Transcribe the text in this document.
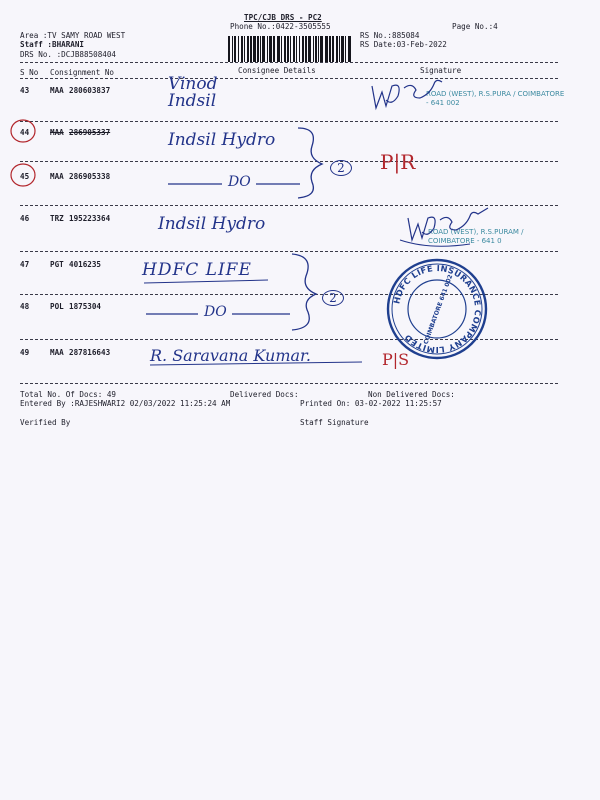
TPC/CJB DRS - PC2
Phone No.:0422-3505555	Page No.:4
Area :TV SAMY ROAD WEST
Staff :BHARANI
DRS No. :DCJB88508404
RS No.:885084
RS Date:03-Feb-2022
S No Consignment No	Consignee Details	Signature
43	MAA 280603837	Vinod Indsil
44	MAA 286905337	Indsil Hydro
45	MAA 286905338	DO
46	TRZ 195223364	Indsil Hydro
47	PGT 4016235 HDFC LIFE
48	POL 1875304	DO
49	MAA 287816643 R. Saravana Kumar.
P|R
P|S
ROAD (WEST), R.S.PURA / COIMBATORE - 641 002
ROAD (WEST), R.S.PURAM / COIMBATORE - 641 0
2
2	HDFC LIFE INSURANCE COMPANY LIMITED	COIMBATORE 641 002
Total No. Of Docs: 49	Delivered Docs:	Non Delivered Docs:
Entered By :RAJESHWARI2 02/03/2022 11:25:24 AM	Printed On: 03-02-2022 11:25:57
Verified By	Staff Signature
